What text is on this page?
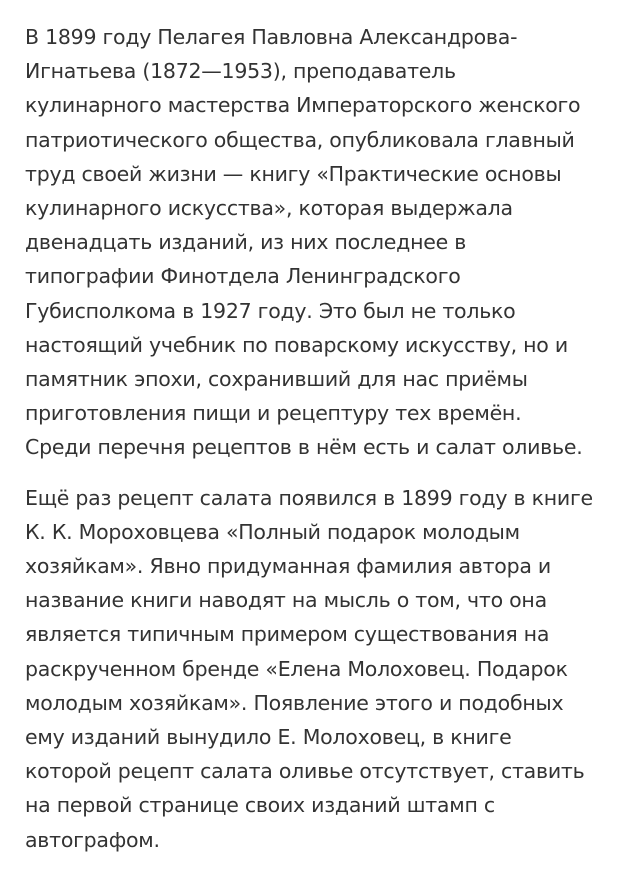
В 1899 году Пелагея Павловна Александрова-
Игнатьева (1872—1953), преподаватель
кулинарного мастерства Императорского женского
патриотического общества, опубликовала главный
труд своей жизни — книгу «Практические основы
кулинарного искусства», которая выдержала
двенадцать изданий, из них последнее в
типографии Финотдела Ленинградского
Губисполкома в 1927 году. Это был не только
настоящий учебник по поварскому искусству, но и
памятник эпохи, сохранивший для нас приёмы
приготовления пищи и рецептуру тех времён.
Среди перечня рецептов в нём есть и салат оливье.

Ещё раз рецепт салата появился в 1899 году в книге
К. К. Мороховцева «Полный подарок молодым
хозяйкам». Явно придуманная фамилия автора и
название книги наводят на мысль о том, что она
является типичным примером существования на
раскрученном бренде «Елена Молоховец. Подарок
молодым хозяйкам». Появление этого и подобных
ему изданий вынудило Е. Молоховец, в книге
которой рецепт салата оливье отсутствует, ставить
на первой странице своих изданий штамп с
автографом.
